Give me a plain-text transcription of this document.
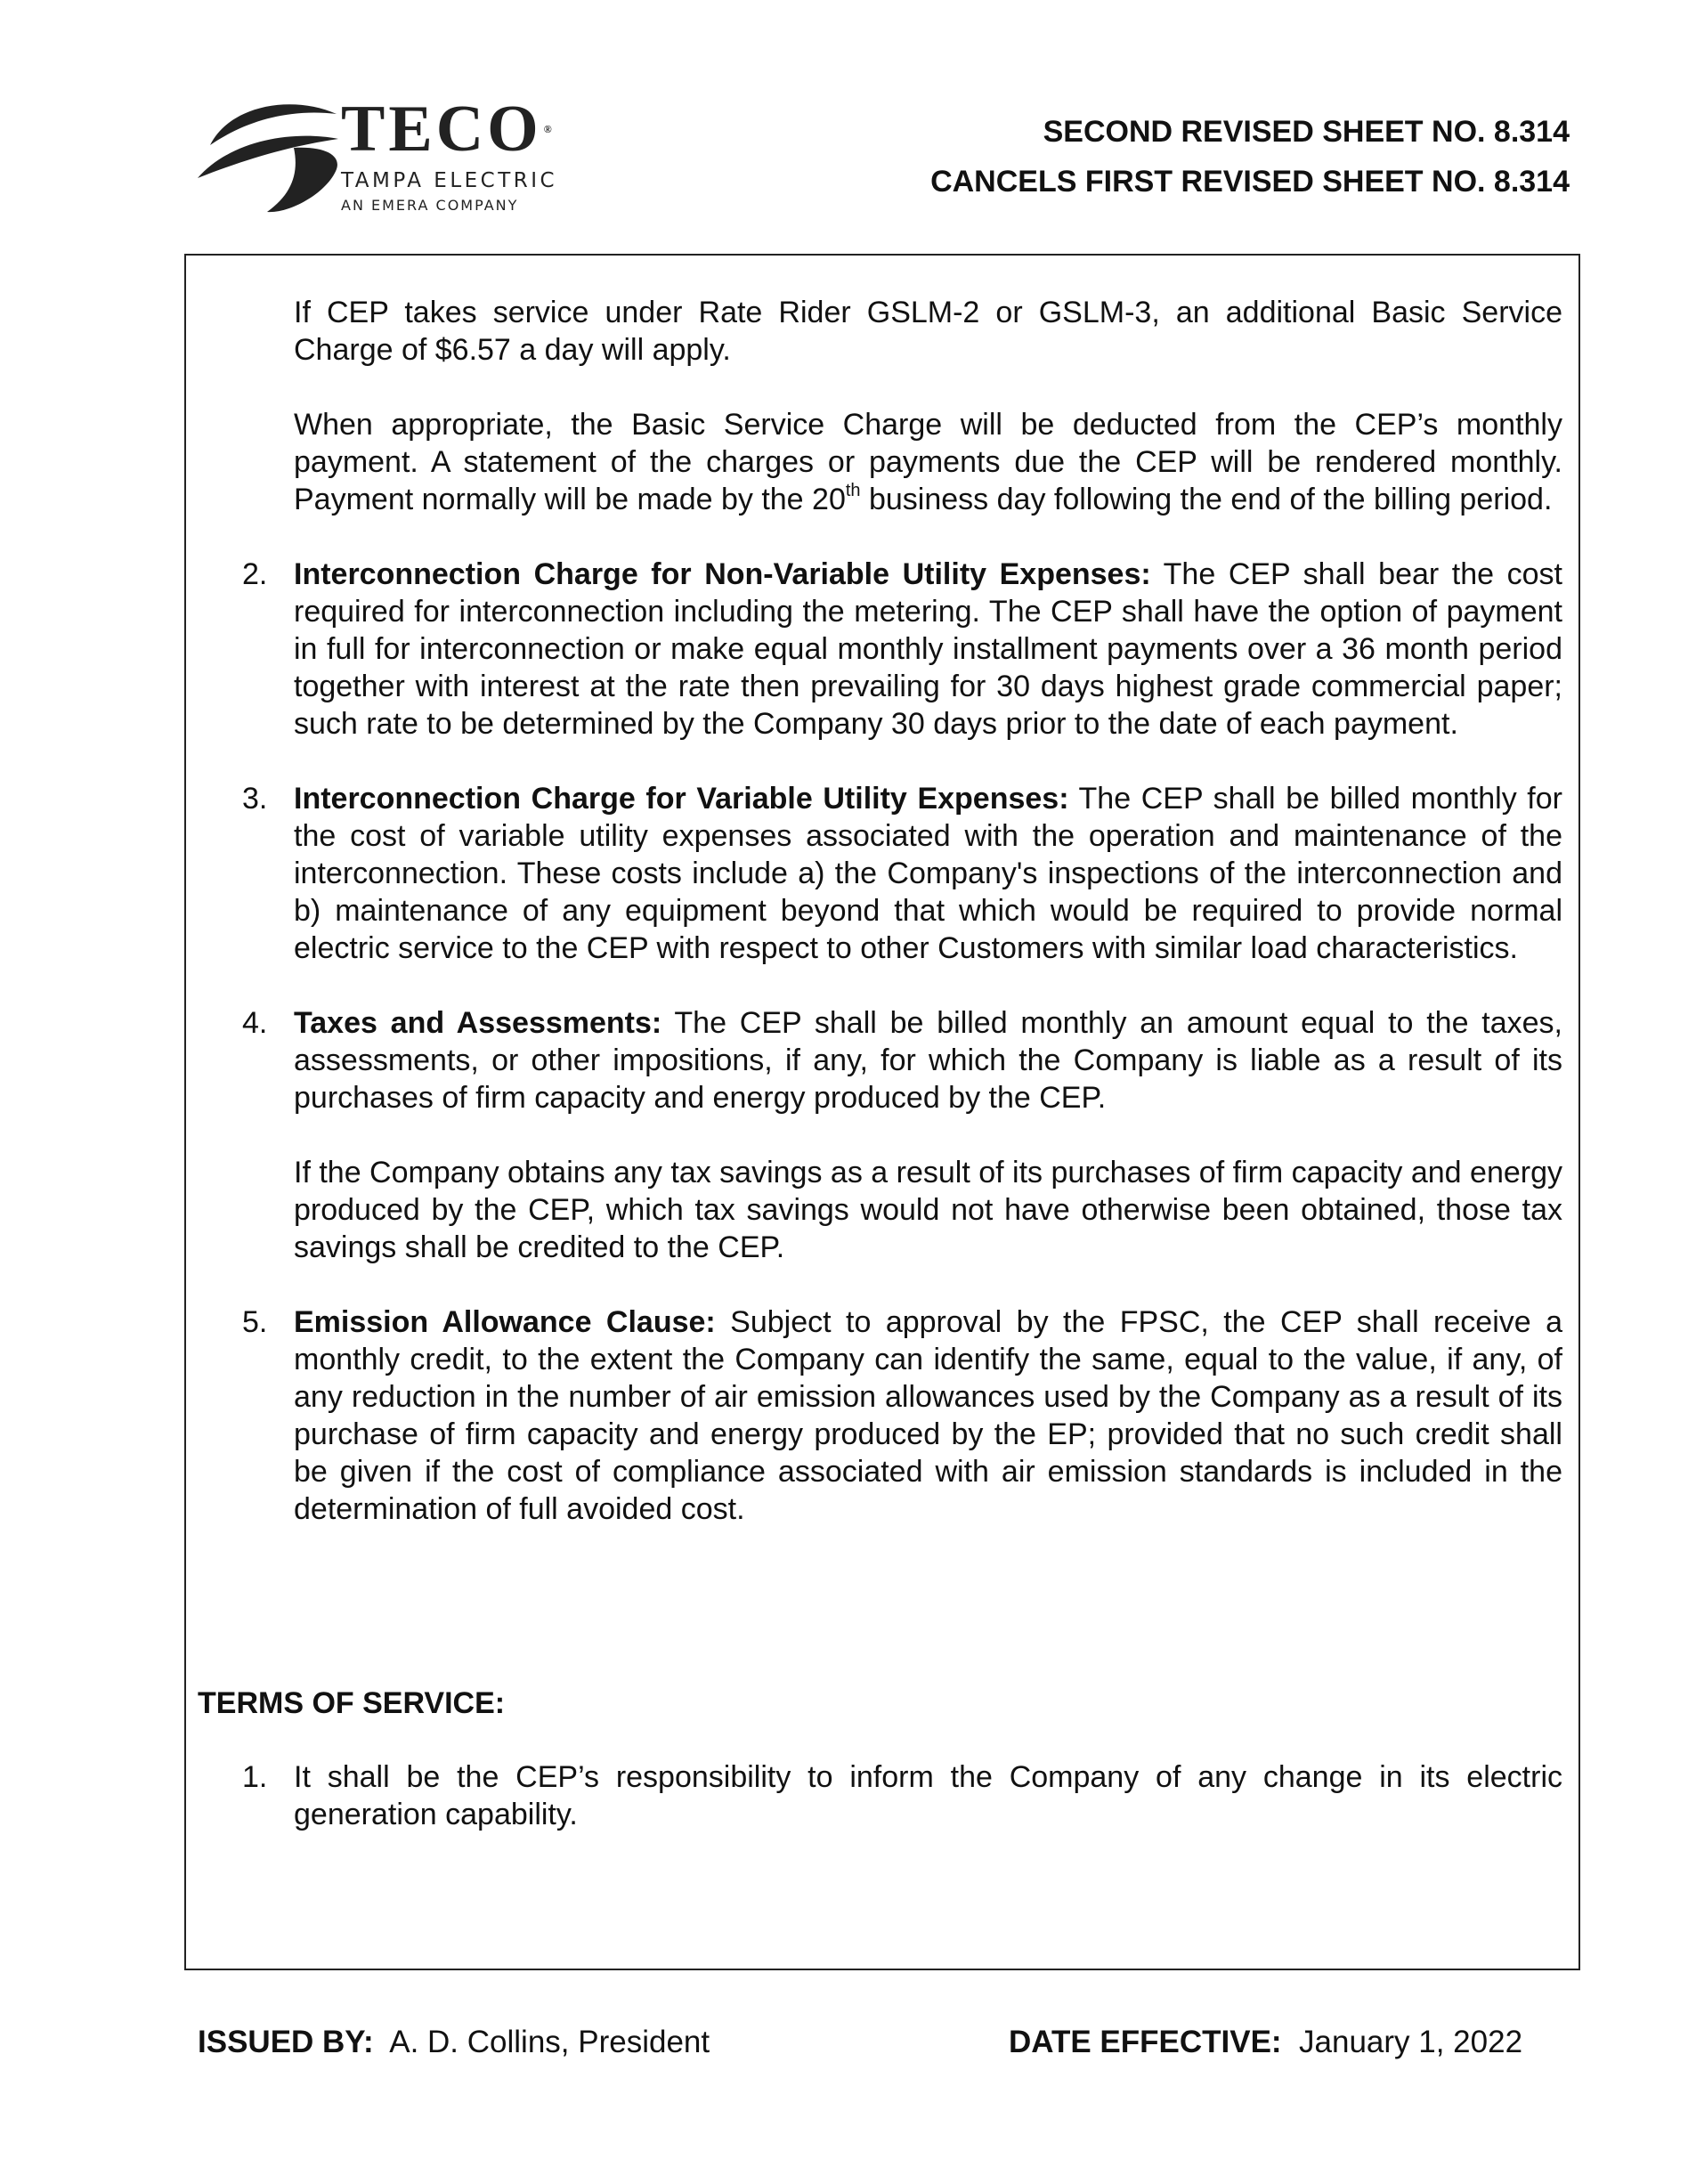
TECO ®
TAMPA ELECTRIC
AN EMERA COMPANY
SECOND REVISED SHEET NO. 8.314
CANCELS FIRST REVISED SHEET NO. 8.314

If CEP takes service under Rate Rider GSLM-2 or GSLM-3, an additional Basic Service Charge of $6.57 a day will apply.

When appropriate, the Basic Service Charge will be deducted from the CEP’s monthly payment. A statement of the charges or payments due the CEP will be rendered monthly. Payment normally will be made by the 20th business day following the end of the billing period.

2. Interconnection Charge for Non-Variable Utility Expenses: The CEP shall bear the cost required for interconnection including the metering. The CEP shall have the option of payment in full for interconnection or make equal monthly installment payments over a 36 month period together with interest at the rate then prevailing for 30 days highest grade commercial paper; such rate to be determined by the Company 30 days prior to the date of each payment.
3. Interconnection Charge for Variable Utility Expenses: The CEP shall be billed monthly for the cost of variable utility expenses associated with the operation and maintenance of the interconnection. These costs include a) the Company's inspections of the interconnection and b) maintenance of any equipment beyond that which would be required to provide normal electric service to the CEP with respect to other Customers with similar load characteristics.
4. Taxes and Assessments: The CEP shall be billed monthly an amount equal to the taxes, assessments, or other impositions, if any, for which the Company is liable as a result of its purchases of firm capacity and energy produced by the CEP.

If the Company obtains any tax savings as a result of its purchases of firm capacity and energy produced by the CEP, which tax savings would not have otherwise been obtained, those tax savings shall be credited to the CEP.

5. Emission Allowance Clause: Subject to approval by the FPSC, the CEP shall receive a monthly credit, to the extent the Company can identify the same, equal to the value, if any, of any reduction in the number of air emission allowances used by the Company as a result of its purchase of firm capacity and energy produced by the EP; provided that no such credit shall be given if the cost of compliance associated with air emission standards is included in the determination of full avoided cost.
TERMS OF SERVICE:
1. It shall be the CEP’s responsibility to inform the Company of any change in its electric generation capability.
ISSUED BY:  A. D. Collins, President	DATE EFFECTIVE:  January 1, 2022
